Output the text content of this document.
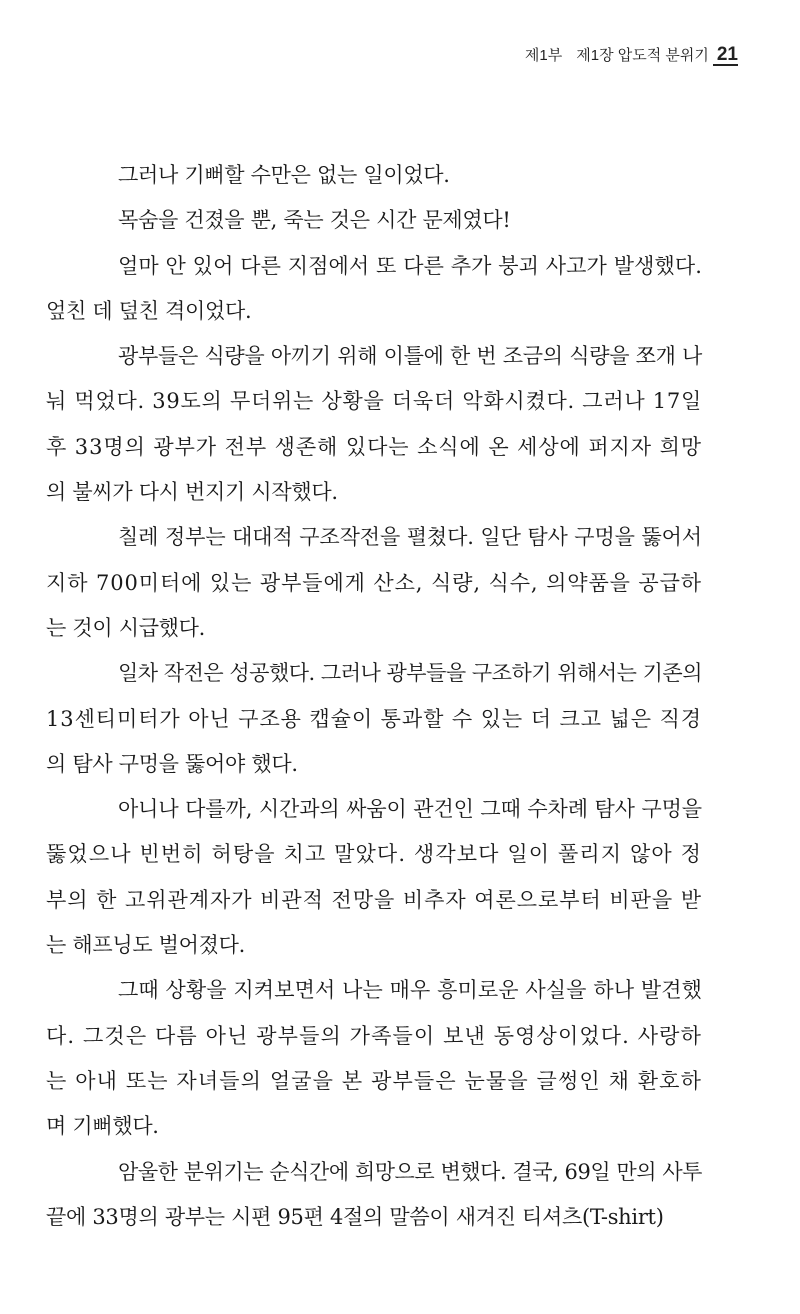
제1부 제1장 압도적 분위기 21

그러나 기뻐할 수만은 없는 일이었다.

목숨을 건졌을 뿐, 죽는 것은 시간 문제였다!

얼마 안 있어 다른 지점에서 또 다른 추가 붕괴 사고가 발생했다.
엎친 데 덮친 격이었다.

광부들은 식량을 아끼기 위해 이틀에 한 번 조금의 식량을 쪼개 나
눠 먹었다. 39도의 무더위는 상황을 더욱더 악화시켰다. 그러나 17일
후 33명의 광부가 전부 생존해 있다는 소식에 온 세상에 퍼지자 희망
의 불씨가 다시 번지기 시작했다.

칠레 정부는 대대적 구조작전을 펼쳤다. 일단 탐사 구멍을 뚫어서
지하 700미터에 있는 광부들에게 산소, 식량, 식수, 의약품을 공급하
는 것이 시급했다.

일차 작전은 성공했다. 그러나 광부들을 구조하기 위해서는 기존의
13센티미터가 아닌 구조용 캡슐이 통과할 수 있는 더 크고 넓은 직경
의 탐사 구멍을 뚫어야 했다.

아니나 다를까, 시간과의 싸움이 관건인 그때 수차례 탐사 구멍을
뚫었으나 빈번히 허탕을 치고 말았다. 생각보다 일이 풀리지 않아 정
부의 한 고위관계자가 비관적 전망을 비추자 여론으로부터 비판을 받
는 해프닝도 벌어졌다.

그때 상황을 지켜보면서 나는 매우 흥미로운 사실을 하나 발견했
다. 그것은 다름 아닌 광부들의 가족들이 보낸 동영상이었다. 사랑하
는 아내 또는 자녀들의 얼굴을 본 광부들은 눈물을 글썽인 채 환호하
며 기뻐했다.

암울한 분위기는 순식간에 희망으로 변했다. 결국, 69일 만의 사투
끝에 33명의 광부는 시편 95편 4절의 말씀이 새겨진 티셔츠(T-shirt)
